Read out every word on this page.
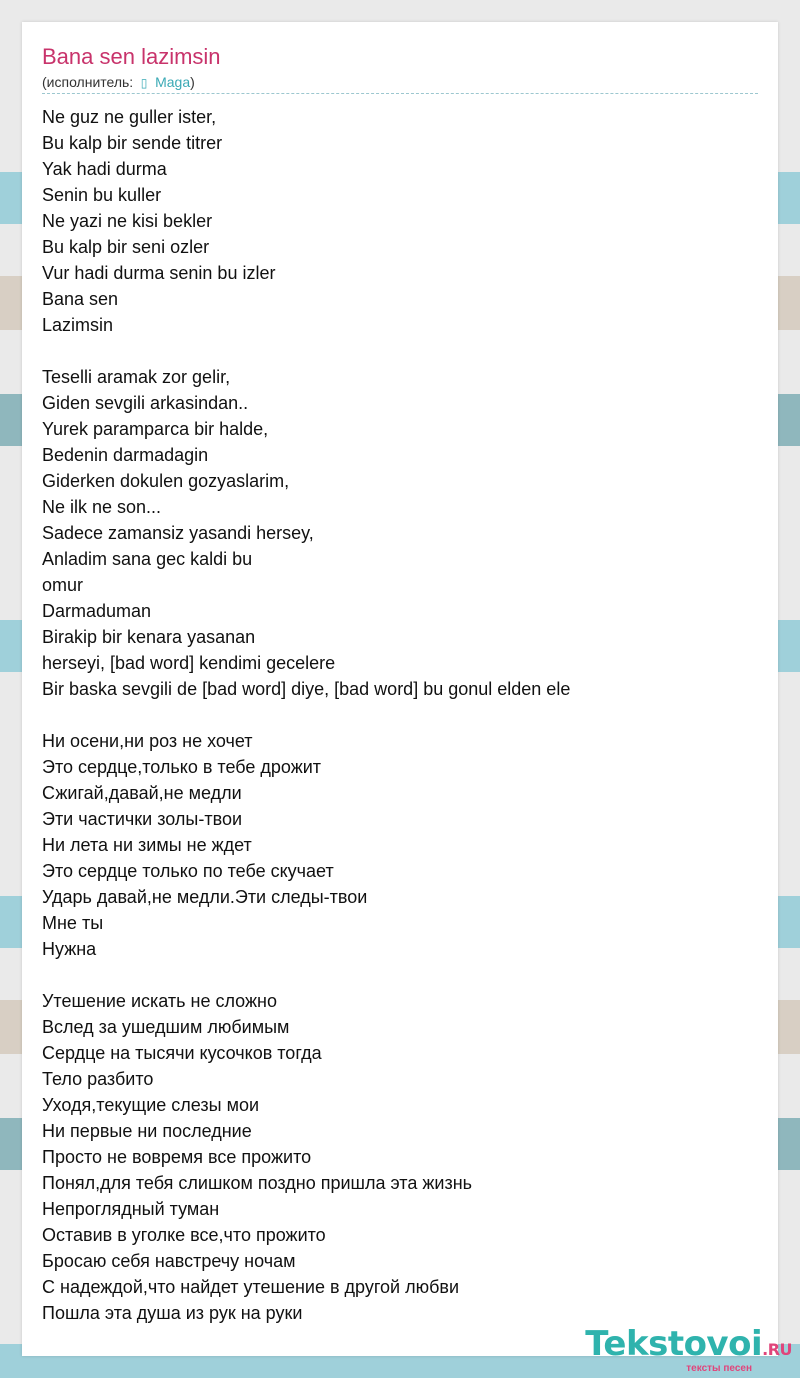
Bana sen lazimsin
(исполнитель: ▯ Maga)
Ne guz ne guller ister,
Bu kalp bir sende titrer
Yak hadi durma
Senin bu kuller
Ne yazi ne kisi bekler
Bu kalp bir seni ozler
Vur hadi durma senin bu izler
Bana sen
Lazimsin
Teselli aramak zor gelir,
Giden sevgili arkasindan..
Yurek paramparca bir halde,
Bedenin darmadagin
Giderken dokulen gozyaslarim,
Ne ilk ne son...
Sadece zamansiz yasandi hersey,
Anladim sana gec kaldi bu
omur
Darmaduman
Birakip bir kenara yasanan
herseyi, [bad word] kendimi gecelere
Bir baska sevgili de [bad word] diye, [bad word] bu gonul elden ele
Ни осени,ни роз не хочет
Это сердце,только в тебе дрожит
Сжигай,давай,не медли
Эти частички золы-твои
Ни лета ни зимы не ждет
Это сердце только по тебе скучает
Ударь давай,не медли.Эти следы-твои
Мне ты
Нужна
Утешение искать не сложно
Вслед за ушедшим любимым
Сердце на тысячи кусочков тогда
Тело разбито
Уходя,текущие слезы мои
Ни первые ни последние
Просто не вовремя все прожито
Понял,для тебя слишком поздно пришла эта жизнь
Непроглядный туман
Оставив в уголке все,что прожито
Бросаю себя навстречу ночам
С надеждой,что найдет утешение в другой любви
Пошла эта душа из рук на руки
Tekstovoi.RU
тексты песен
